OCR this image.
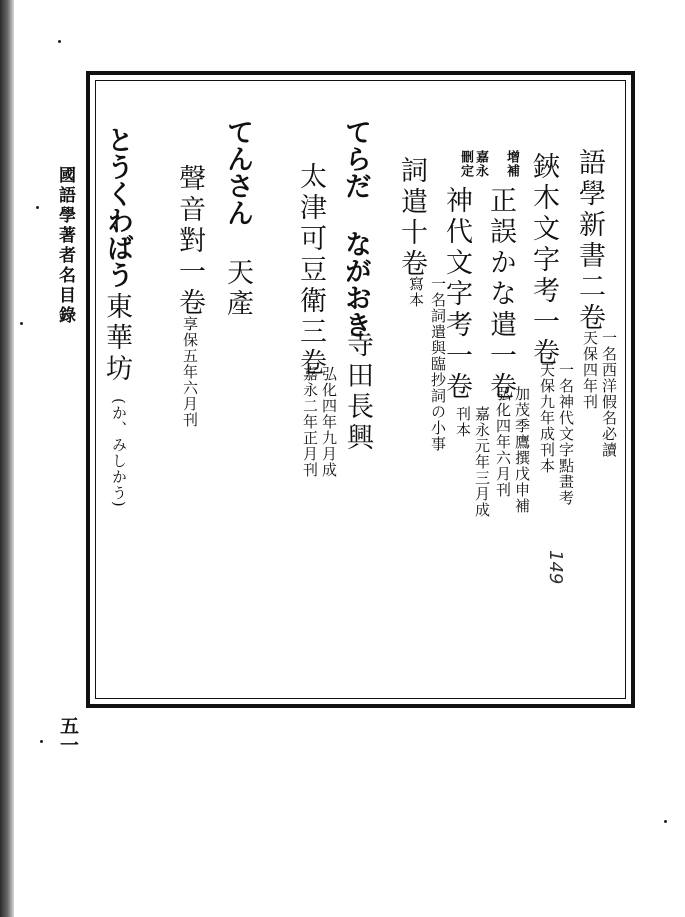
國語學著者名目錄
五一
語學新書二卷
一名西洋假名必讀
天保四年刊
鋏木文字考一卷
一名神代文字點畫考
天保九年成刊本
149
增補
正誤かな遣一卷
加茂季鷹撰戊申補
弘化四年六月刊
嘉永
刪定
神代文字考一卷
嘉永元年三月成
刊本
詞遣十卷
一名詞遣與臨抄詞の小事
寫本
てらだ ながおき
寺田長興
太津可豆衛三卷
弘化四年九月成
嘉永二年正月刊
てんさん
天產
聲音對一卷
享保五年六月刊
とうくわばう
東華坊
(か、みしかう)
